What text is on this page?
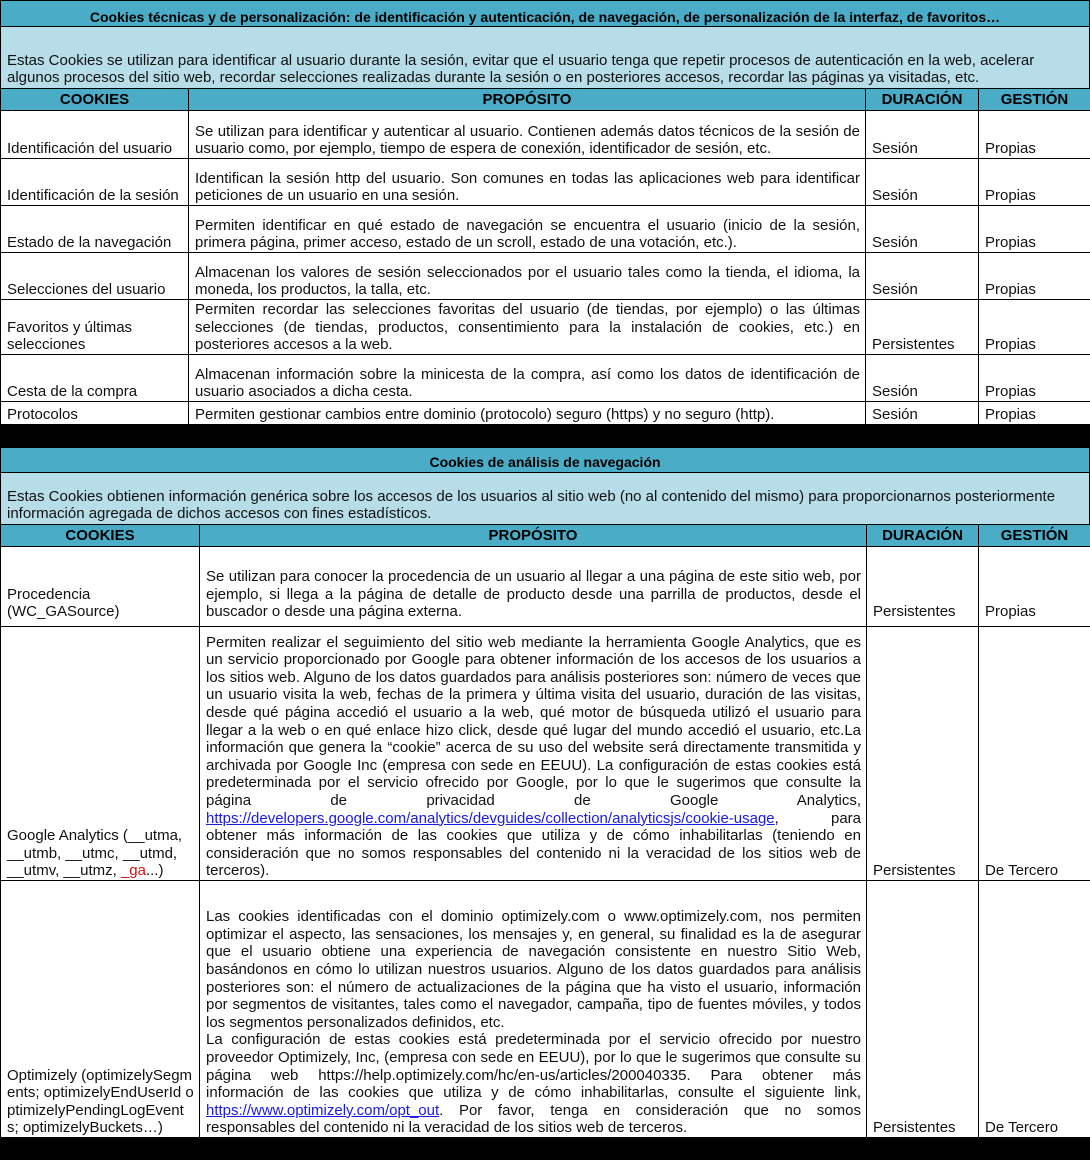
Cookies técnicas y de personalización: de identificación y autenticación, de navegación, de personalización de la interfaz, de favoritos…
Estas Cookies se utilizan para identificar al usuario durante la sesión, evitar que el usuario tenga que repetir procesos de autenticación en la web, acelerar algunos procesos del sitio web, recordar selecciones realizadas durante la sesión o en posteriores accesos, recordar las páginas ya visitadas, etc.
COOKIES	PROPÓSITO	DURACIÓN	GESTIÓN
Identificación del usuario	Se utilizan para identificar y autenticar al usuario. Contienen además datos técnicos de la sesión de usuario como, por ejemplo, tiempo de espera de conexión, identificador de sesión, etc.	Sesión	Propias
Identificación de la sesión	Identifican la sesión http del usuario. Son comunes en todas las aplicaciones web para identificar peticiones de un usuario en una sesión.	Sesión	Propias
Estado de la navegación	Permiten identificar en qué estado de navegación se encuentra el usuario (inicio de la sesión, primera página, primer acceso, estado de un scroll, estado de una votación, etc.).	Sesión	Propias
Selecciones del usuario	Almacenan los valores de sesión seleccionados por el usuario tales como la tienda, el idioma, la moneda, los productos, la talla, etc.	Sesión	Propias
Favoritos y últimas selecciones	Permiten recordar las selecciones favoritas del usuario (de tiendas, por ejemplo) o las últimas selecciones (de tiendas, productos, consentimiento para la instalación de cookies, etc.) en posteriores accesos a la web.	Persistentes	Propias
Cesta de la compra	Almacenan información sobre la minicesta de la compra, así como los datos de identificación de usuario asociados a dicha cesta.	Sesión	Propias
Protocolos	Permiten gestionar cambios entre dominio (protocolo) seguro (https) y no seguro (http).	Sesión	Propias
Cookies de análisis de navegación
Estas Cookies obtienen información genérica sobre los accesos de los usuarios al sitio web (no al contenido del mismo) para proporcionarnos posteriormente información agregada de dichos accesos con fines estadísticos.
COOKIES	PROPÓSITO	DURACIÓN	GESTIÓN
Procedencia (WC_GASource)	Se utilizan para conocer la procedencia de un usuario al llegar a una página de este sitio web, por ejemplo, si llega a la página de detalle de producto desde una parrilla de productos, desde el buscador o desde una página externa.	Persistentes	Propias
Google Analytics (__utma, __utmb, __utmc, __utmd, __utmv, __utmz, _ga...)	Permiten realizar el seguimiento del sitio web mediante la herramienta Google Analytics, que es un servicio proporcionado por Google para obtener información de los accesos de los usuarios a los sitios web. Alguno de los datos guardados para análisis posteriores son: número de veces que un usuario visita la web, fechas de la primera y última visita del usuario, duración de las visitas, desde qué página accedió el usuario a la web, qué motor de búsqueda utilizó el usuario para llegar a la web o en qué enlace hizo click, desde qué lugar del mundo accedió el usuario, etc.La información que genera la “cookie” acerca de su uso del website será directamente transmitida y archivada por Google Inc (empresa con sede en EEUU). La configuración de estas cookies está predeterminada por el servicio ofrecido por Google, por lo que le sugerimos que consulte la página de privacidad de Google Analytics, https://developers.google.com/analytics/devguides/collection/analyticsjs/cookie-usage, para obtener más información de las cookies que utiliza y de cómo inhabilitarlas (teniendo en consideración que no somos responsables del contenido ni la veracidad de los sitios web de terceros).	Persistentes	De Tercero
Optimizely (optimizelySegments; optimizelyEndUserId optimizelyPendingLogEvents; optimizelyBuckets…)	Las cookies identificadas con el dominio optimizely.com o www.optimizely.com, nos permiten optimizar el aspecto, las sensaciones, los mensajes y, en general, su finalidad es la de asegurar que el usuario obtiene una experiencia de navegación consistente en nuestro Sitio Web, basándonos en cómo lo utilizan nuestros usuarios. Alguno de los datos guardados para análisis posteriores son: el número de actualizaciones de la página que ha visto el usuario, información por segmentos de visitantes, tales como el navegador, campaña, tipo de fuentes móviles, y todos los segmentos personalizados definidos, etc.

La configuración de estas cookies está predeterminada por el servicio ofrecido por nuestro proveedor Optimizely, Inc, (empresa con sede en EEUU), por lo que le sugerimos que consulte su página web https://help.optimizely.com/hc/en-us/articles/200040335. Para obtener más información de las cookies que utiliza y de cómo inhabilitarlas, consulte el siguiente link, https://www.optimizely.com/opt_out. Por favor, tenga en consideración que no somos responsables del contenido ni la veracidad de los sitios web de terceros.	Persistentes	De Tercero
